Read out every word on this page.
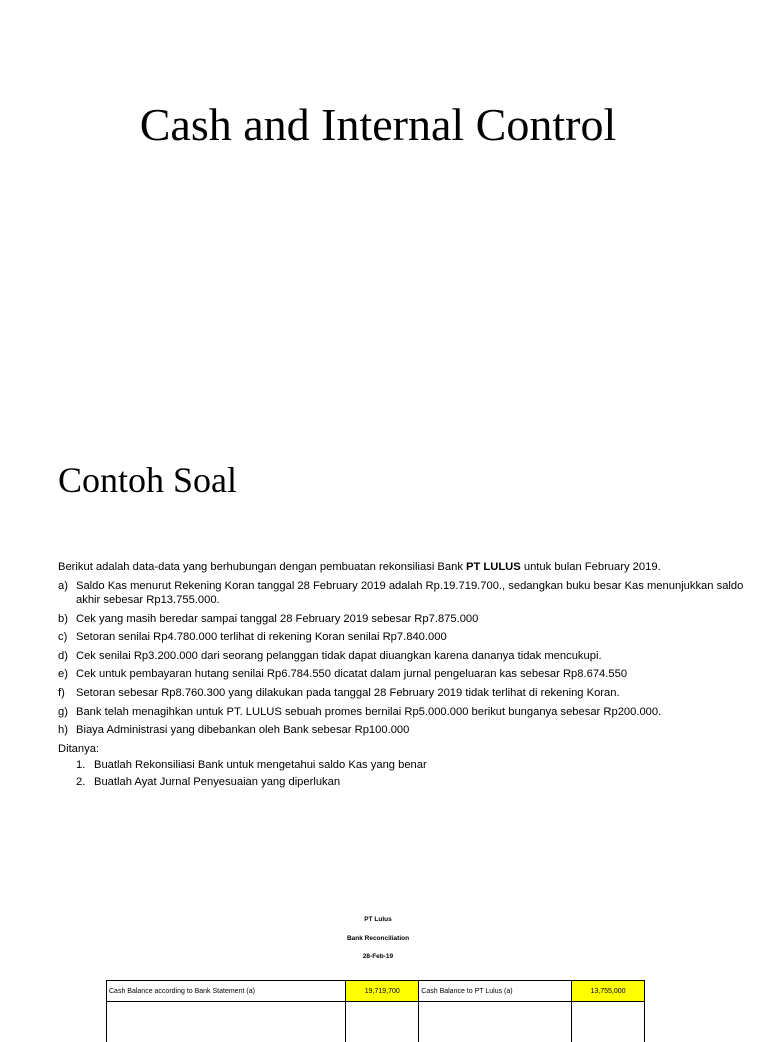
Cash and Internal Control
Contoh Soal

Berikut adalah data-data yang berhubungan dengan pembuatan rekonsiliasi Bank PT LULUS untuk bulan February 2019.

a) Saldo Kas menurut Rekening Koran tanggal 28 February 2019 adalah Rp.19.719.700., sedangkan buku besar Kas menunjukkan saldo akhir sebesar Rp13.755.000.
b) Cek yang masih beredar sampai tanggal 28 February 2019 sebesar Rp7.875.000
c) Setoran senilai Rp4.780.000 terlihat di rekening Koran senilai Rp7.840.000
d) Cek senilai Rp3.200.000 dari seorang pelanggan tidak dapat diuangkan karena dananya tidak mencukupi.
e) Cek untuk pembayaran hutang senilai Rp6.784.550 dicatat dalam jurnal pengeluaran kas sebesar Rp8.674.550
f) Setoran sebesar Rp8.760.300 yang dilakukan pada tanggal 28 February 2019 tidak terlihat di rekening Koran.
g) Bank telah menagihkan untuk PT. LULUS sebuah promes bernilai Rp5.000.000 berikut bunganya sebesar Rp200.000.
h) Biaya Administrasi yang dibebankan oleh Bank sebesar Rp100.000

Ditanya:

1. Buatlah Rekonsiliasi Bank untuk mengetahui saldo Kas yang benar
2. Buatlah Ayat Jurnal Penyesuaian yang diperlukan
PT Lulus
Bank Reconciliation
28-Feb-19
Cash Balance according to Bank Statement (a)	19,719,700	Cash Balance to PT Lulus (a)	13,755,000
